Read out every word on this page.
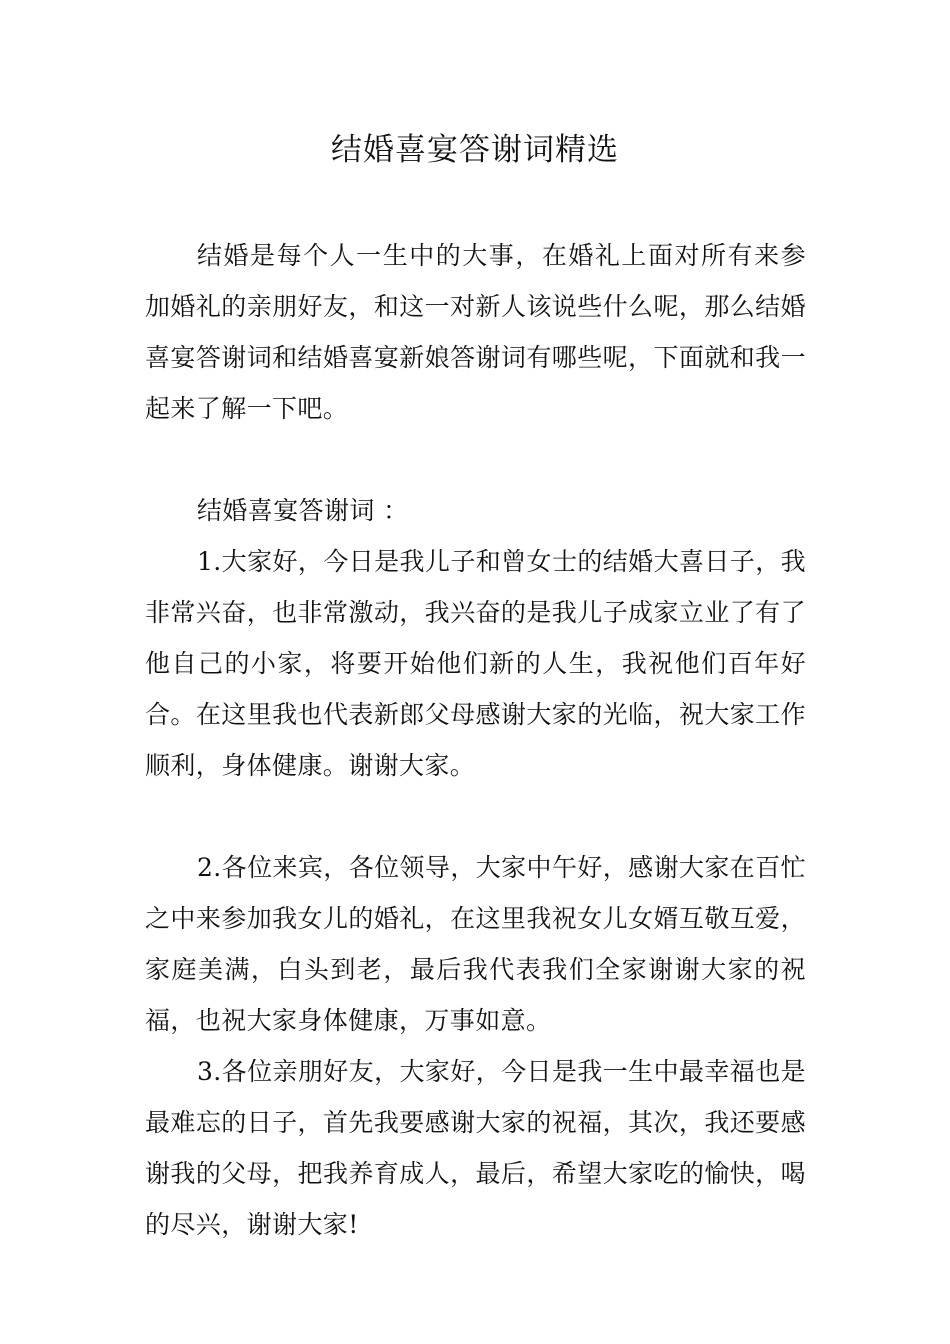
结婚喜宴答谢词精选

结婚是每个人一生中的大事，在婚礼上面对所有来参加婚礼的亲朋好友，和这一对新人该说些什么呢，那么结婚喜宴答谢词和结婚喜宴新娘答谢词有哪些呢，下面就和我一起来了解一下吧。

结婚喜宴答谢词 ：

1.大家好，今日是我儿子和曾女士的结婚大喜日子，我非常兴奋，也非常激动，我兴奋的是我儿子成家立业了有了他自己的小家，将要开始他们新的人生，我祝他们百年好合。在这里我也代表新郎父母感谢大家的光临，祝大家工作顺利，身体健康。谢谢大家。

2.各位来宾，各位领导，大家中午好，感谢大家在百忙之中来参加我女儿的婚礼，在这里我祝女儿女婿互敬互爱，家庭美满，白头到老，最后我代表我们全家谢谢大家的祝福，也祝大家身体健康，万事如意。

3.各位亲朋好友，大家好，今日是我一生中最幸福也是最难忘的日子，首先我要感谢大家的祝福，其次，我还要感谢我的父母，把我养育成人，最后，希望大家吃的愉快，喝的尽兴，谢谢大家!
